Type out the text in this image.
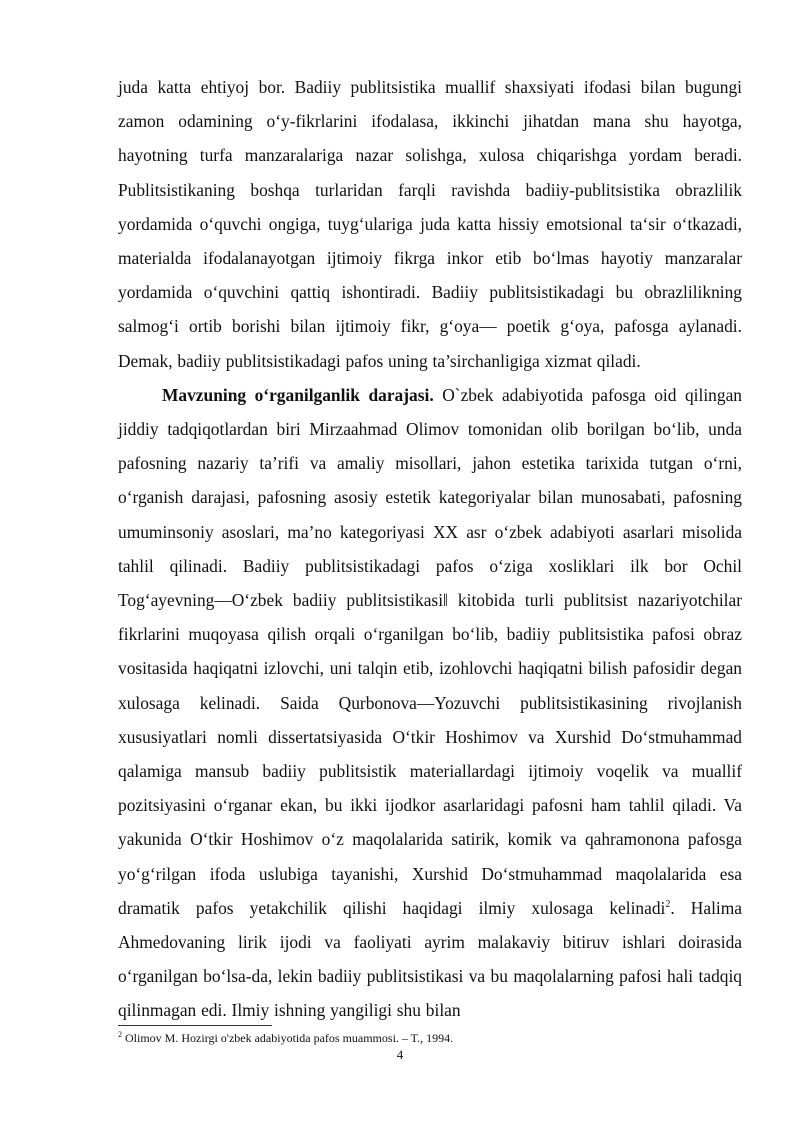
juda katta ehtiyoj bor. Badiiy publitsistika muallif shaxsiyati ifodasi bilan bugungi zamon odamining o‘y-fikrlarini ifodalasa, ikkinchi jihatdan mana shu hayotga, hayotning turfa manzaralariga nazar solishga, xulosa chiqarishga yordam beradi. Publitsistikaning boshqa turlaridan farqli ravishda badiiy-publitsistika obrazlilik yordamida o‘quvchi ongiga, tuyg‘ulariga juda katta hissiy emotsional ta‘sir o‘tkazadi, materialda ifodalanayotgan ijtimoiy fikrga inkor etib bo‘lmas hayotiy manzaralar yordamida o‘quvchini qattiq ishontiradi. Badiiy publitsistikadagi bu obrazlilikning salmog‘i ortib borishi bilan ijtimoiy fikr, g‘oya— poetik g‘oya, pafosga aylanadi. Demak, badiiy publitsistikadagi pafos uning ta’sirchanligiga xizmat qiladi.

Mavzuning o‘rganilganlik darajasi. O`zbek adabiyotida pafosga oid qilingan jiddiy tadqiqotlardan biri Mirzaahmad Olimov tomonidan olib borilgan bo‘lib, unda pafosning nazariy ta’rifi va amaliy misollari, jahon estetika tarixida tutgan o‘rni, o‘rganish darajasi, pafosning asosiy estetik kategoriyalar bilan munosabati, pafosning umuminsoniy asoslari, ma’no kategoriyasi XX asr o‘zbek adabiyoti asarlari misolida tahlil qilinadi. Badiiy publitsistikadagi pafos o‘ziga xosliklari ilk bor Ochil Tog‘ayevning—O‘zbek badiiy publitsistikasi‖ kitobida turli publitsist nazariyotchilar fikrlarini muqoyasa qilish orqali o‘rganilgan bo‘lib, badiiy publitsistika pafosi obraz vositasida haqiqatni izlovchi, uni talqin etib, izohlovchi haqiqatni bilish pafosidir degan xulosaga kelinadi. Saida Qurbonova—Yozuvchi publitsistikasining rivojlanish xususiyatlari nomli dissertatsiyasida O‘tkir Hoshimov va Xurshid Do‘stmuhammad qalamiga mansub badiiy publitsistik materiallardagi ijtimoiy voqelik va muallif pozitsiyasini o‘rganar ekan, bu ikki ijodkor asarlaridagi pafosni ham tahlil qiladi. Va yakunida O‘tkir Hoshimov o‘z maqolalarida satirik, komik va qahramonona pafosga yo‘g‘rilgan ifoda uslubiga tayanishi, Xurshid Do‘stmuhammad maqolalarida esa dramatik pafos yetakchilik qilishi haqidagi ilmiy xulosaga kelinadi$^2$. Halima Ahmedovaning lirik ijodi va faoliyati ayrim malakaviy bitiruv ishlari doirasida o‘rganilgan bo‘lsa-da, lekin badiiy publitsistikasi va bu maqolalarning pafosi hali tadqiq qilinmagan edi. Ilmiy ishning yangiligi shu bilan

$^2$ Olimov M. Hozirgi o'zbek adabiyotida pafos muammosi. – T., 1994.
4
